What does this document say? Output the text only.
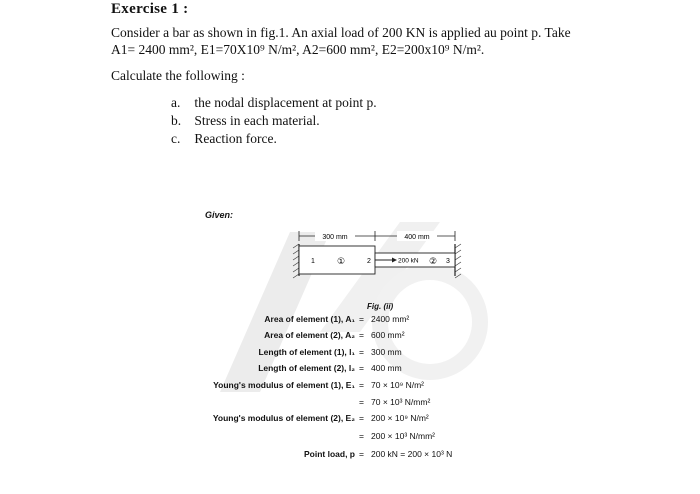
Exercise 1 :
Consider a bar as shown in fig.1. An axial load of 200 KN is applied au point p. Take
A1= 2400 mm², E1=70X10⁹ N/m², A2=600 mm², E2=200x10⁹ N/m².
Calculate the following :
a. the nodal displacement at point p.
b. Stress in each material.
c. Reaction force.
Given:
300 mm	400 mm
1 ①	2	200 kN ② 3
Fig. (ii)
Area of element (1), A₁ = 2400 mm²
Area of element (2), A₂ = 600 mm²
Length of element (1), l₁ = 300 mm
Length of element (2), l₂ = 400 mm
Young's modulus of element (1), E₁ = 70 × 10⁹ N/m²
= 70 × 10³ N/mm²
Young's modulus of element (2), E₂ = 200 × 10⁹ N/m²
= 200 × 10³ N/mm²
Point load, p = 200 kN = 200 × 10³ N
